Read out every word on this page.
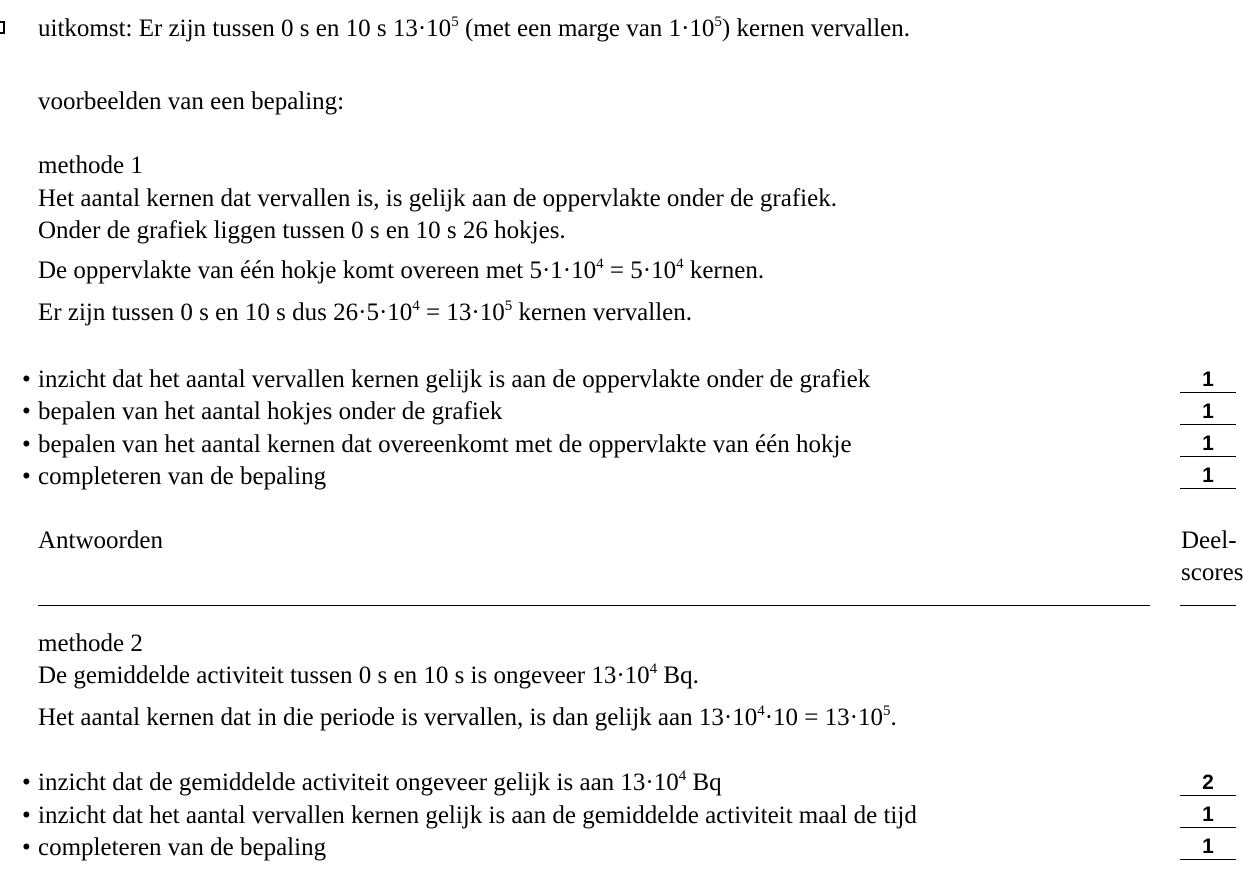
uitkomst: Er zijn tussen 0 s en 10 s $13\cdot 10^5$ (met een marge van $1\cdot 10^5$) kernen vervallen.
voorbeelden van een bepaling:
methode 1
Het aantal kernen dat vervallen is, is gelijk aan de oppervlakte onder de grafiek.
Onder de grafiek liggen tussen 0 s en 10 s 26 hokjes.
De oppervlakte van één hokje komt overeen met $5\cdot 1\cdot 10^4 = 5\cdot 10^4$ kernen.
Er zijn tussen 0 s en 10 s dus $26\cdot 5\cdot 10^4 = 13\cdot 10^5$ kernen vervallen.
• inzicht dat het aantal vervallen kernen gelijk is aan de oppervlakte onder de grafiek	1
• bepalen van het aantal hokjes onder de grafiek	1
• bepalen van het aantal kernen dat overeenkomt met de oppervlakte van één hokje	1
• completeren van de bepaling	1
Antwoorden	Deel-
scores
methode 2
De gemiddelde activiteit tussen 0 s en 10 s is ongeveer $13\cdot 10^4$ Bq.
Het aantal kernen dat in die periode is vervallen, is dan gelijk aan $13\cdot 10^4\cdot 10 = 13\cdot 10^5$.
• inzicht dat de gemiddelde activiteit ongeveer gelijk is aan $13\cdot 10^4$ Bq	2
• inzicht dat het aantal vervallen kernen gelijk is aan de gemiddelde activiteit maal de tijd	1
• completeren van de bepaling	1
